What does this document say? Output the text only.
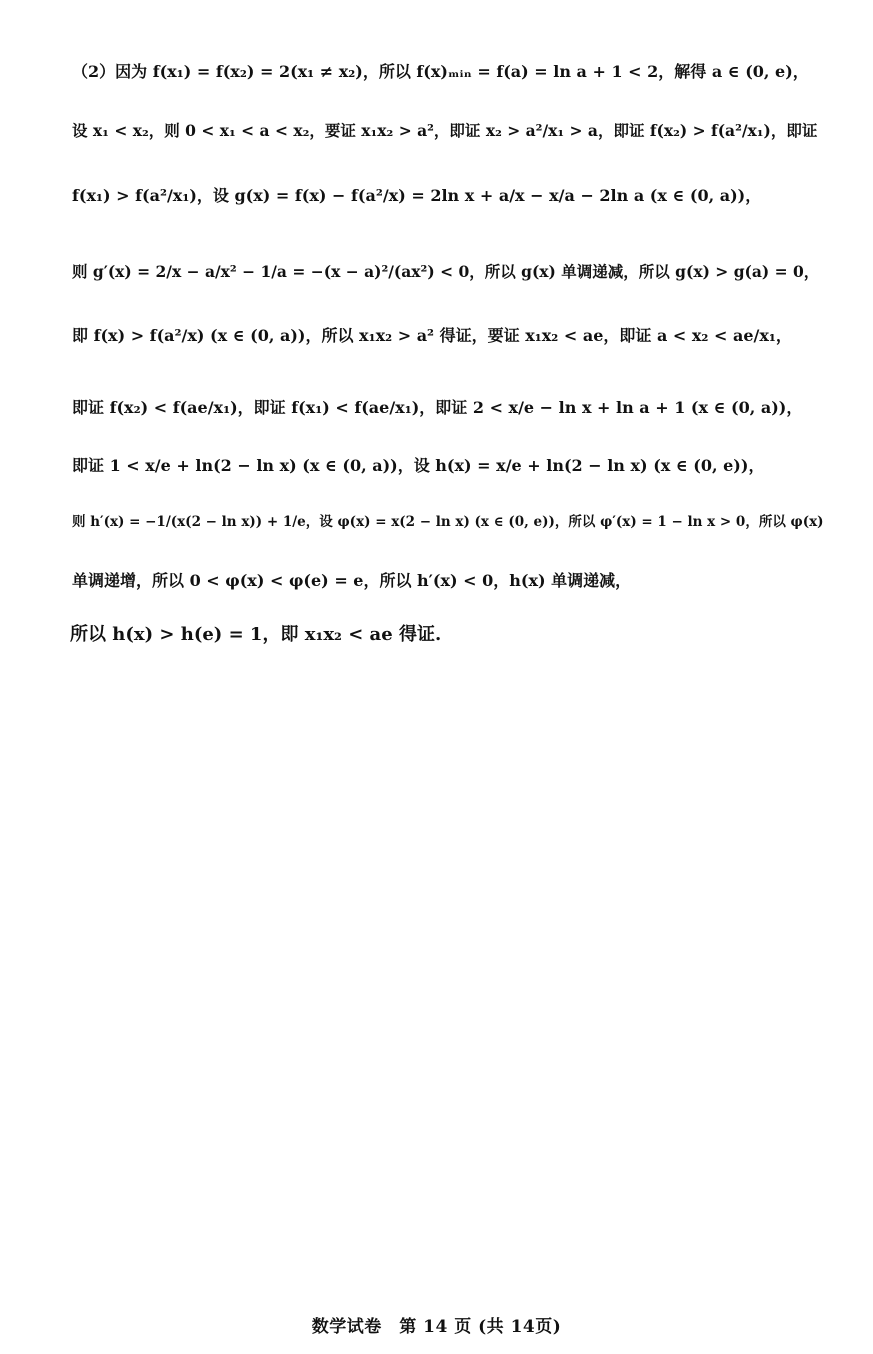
（2）因为 f(x₁) = f(x₂) = 2(x₁ ≠ x₂)，所以 f(x)ₘᵢₙ = f(a) = ln a + 1 < 2，解得 a ∈ (0, e)，
设 x₁ < x₂，则 0 < x₁ < a < x₂，要证 x₁x₂ > a²，即证 x₂ > a²/x₁ > a，即证 f(x₂) > f(a²/x₁)，即证
f(x₁) > f(a²/x₁)，设 g(x) = f(x) − f(a²/x) = 2ln x + a/x − x/a − 2ln a (x ∈ (0, a))，
则 g′(x) = 2/x − a/x² − 1/a = −(x − a)²/(ax²) < 0，所以 g(x) 单调递减，所以 g(x) > g(a) = 0，
即 f(x) > f(a²/x) (x ∈ (0, a))，所以 x₁x₂ > a² 得证，要证 x₁x₂ < ae，即证 a < x₂ < ae/x₁，
即证 f(x₂) < f(ae/x₁)，即证 f(x₁) < f(ae/x₁)，即证 2 < x/e − ln x + ln a + 1 (x ∈ (0, a))，
即证 1 < x/e + ln(2 − ln x) (x ∈ (0, a))，设 h(x) = x/e + ln(2 − ln x) (x ∈ (0, e))，
则 h′(x) = −1/(x(2 − ln x)) + 1/e，设 φ(x) = x(2 − ln x) (x ∈ (0, e))，所以 φ′(x) = 1 − ln x > 0，所以 φ(x)
单调递增，所以 0 < φ(x) < φ(e) = e，所以 h′(x) < 0，h(x) 单调递减，
所以 h(x) > h(e) = 1，即 x₁x₂ < ae 得证.
数学试卷　第 14 页 (共 14页)
